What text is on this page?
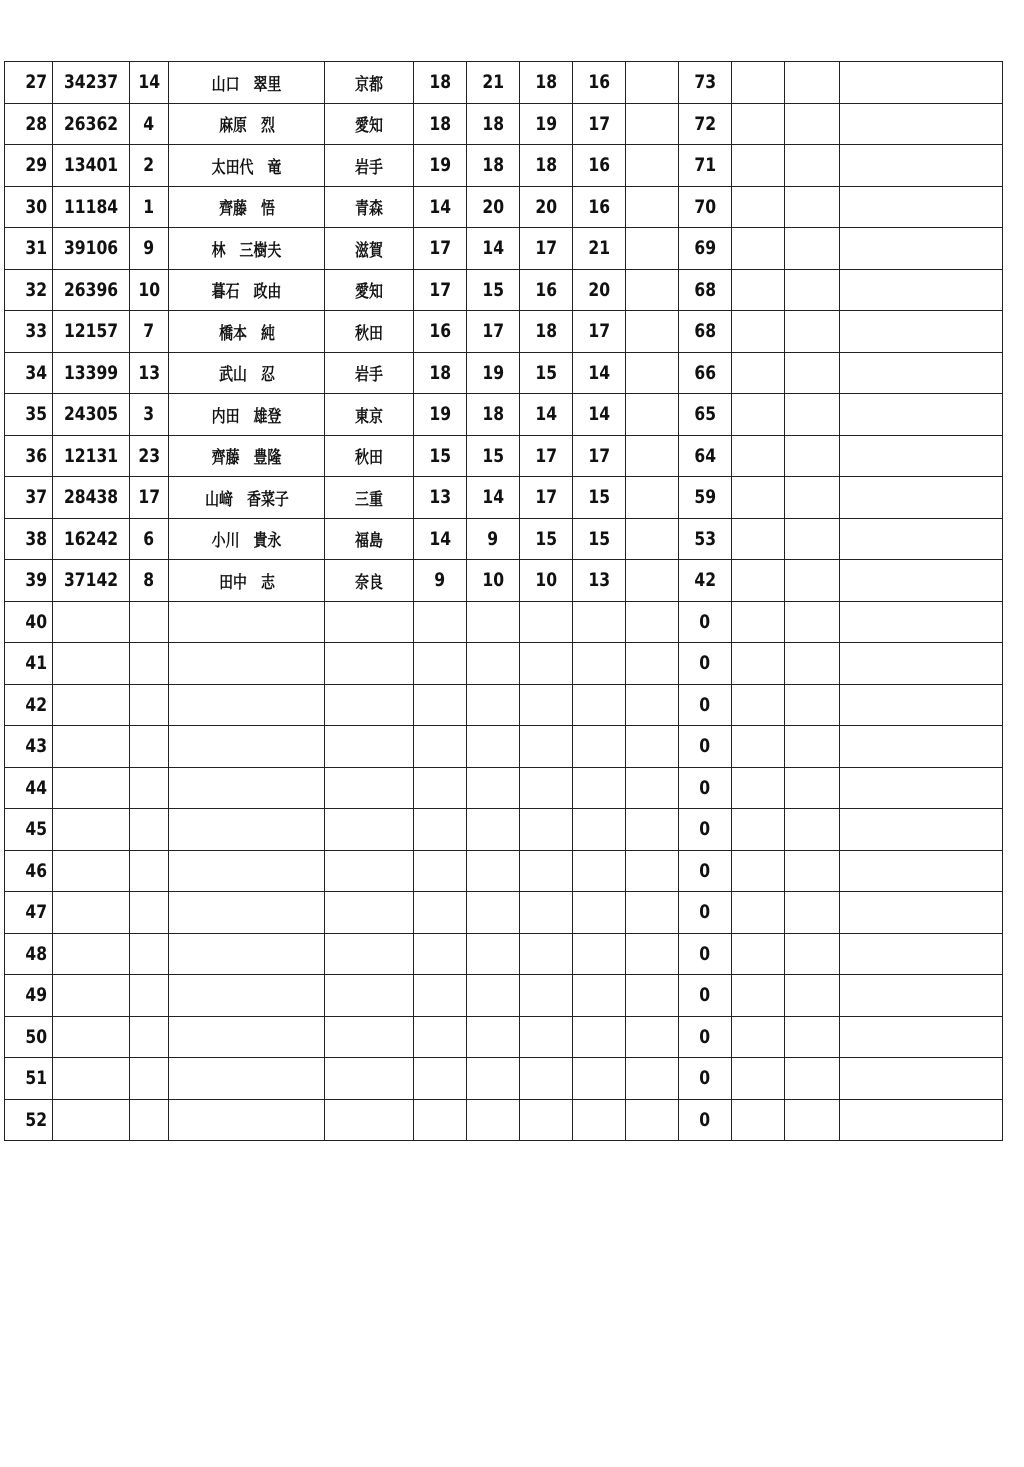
27	34237	14	山口　翠里	京都	18	21	18	16		73			
28	26362	4	麻原　烈	愛知	18	18	19	17		72			
29	13401	2	太田代　竜	岩手	19	18	18	16		71			
30	11184	1	齊藤　悟	青森	14	20	20	16		70			
31	39106	9	林　三樹夫	滋賀	17	14	17	21		69			
32	26396	10	暮石　政由	愛知	17	15	16	20		68			
33	12157	7	橋本　純	秋田	16	17	18	17		68			
34	13399	13	武山　忍	岩手	18	19	15	14		66			
35	24305	3	内田　雄登	東京	19	18	14	14		65			
36	12131	23	齊藤　豊隆	秋田	15	15	17	17		64			
37	28438	17	山﨑　香菜子	三重	13	14	17	15		59			
38	16242	6	小川　貴永	福島	14	9	15	15		53			
39	37142	8	田中　志	奈良	9	10	10	13		42			
40										0			
41										0			
42										0			
43										0			
44										0			
45										0			
46										0			
47										0			
48										0			
49										0			
50										0			
51										0			
52										0			
